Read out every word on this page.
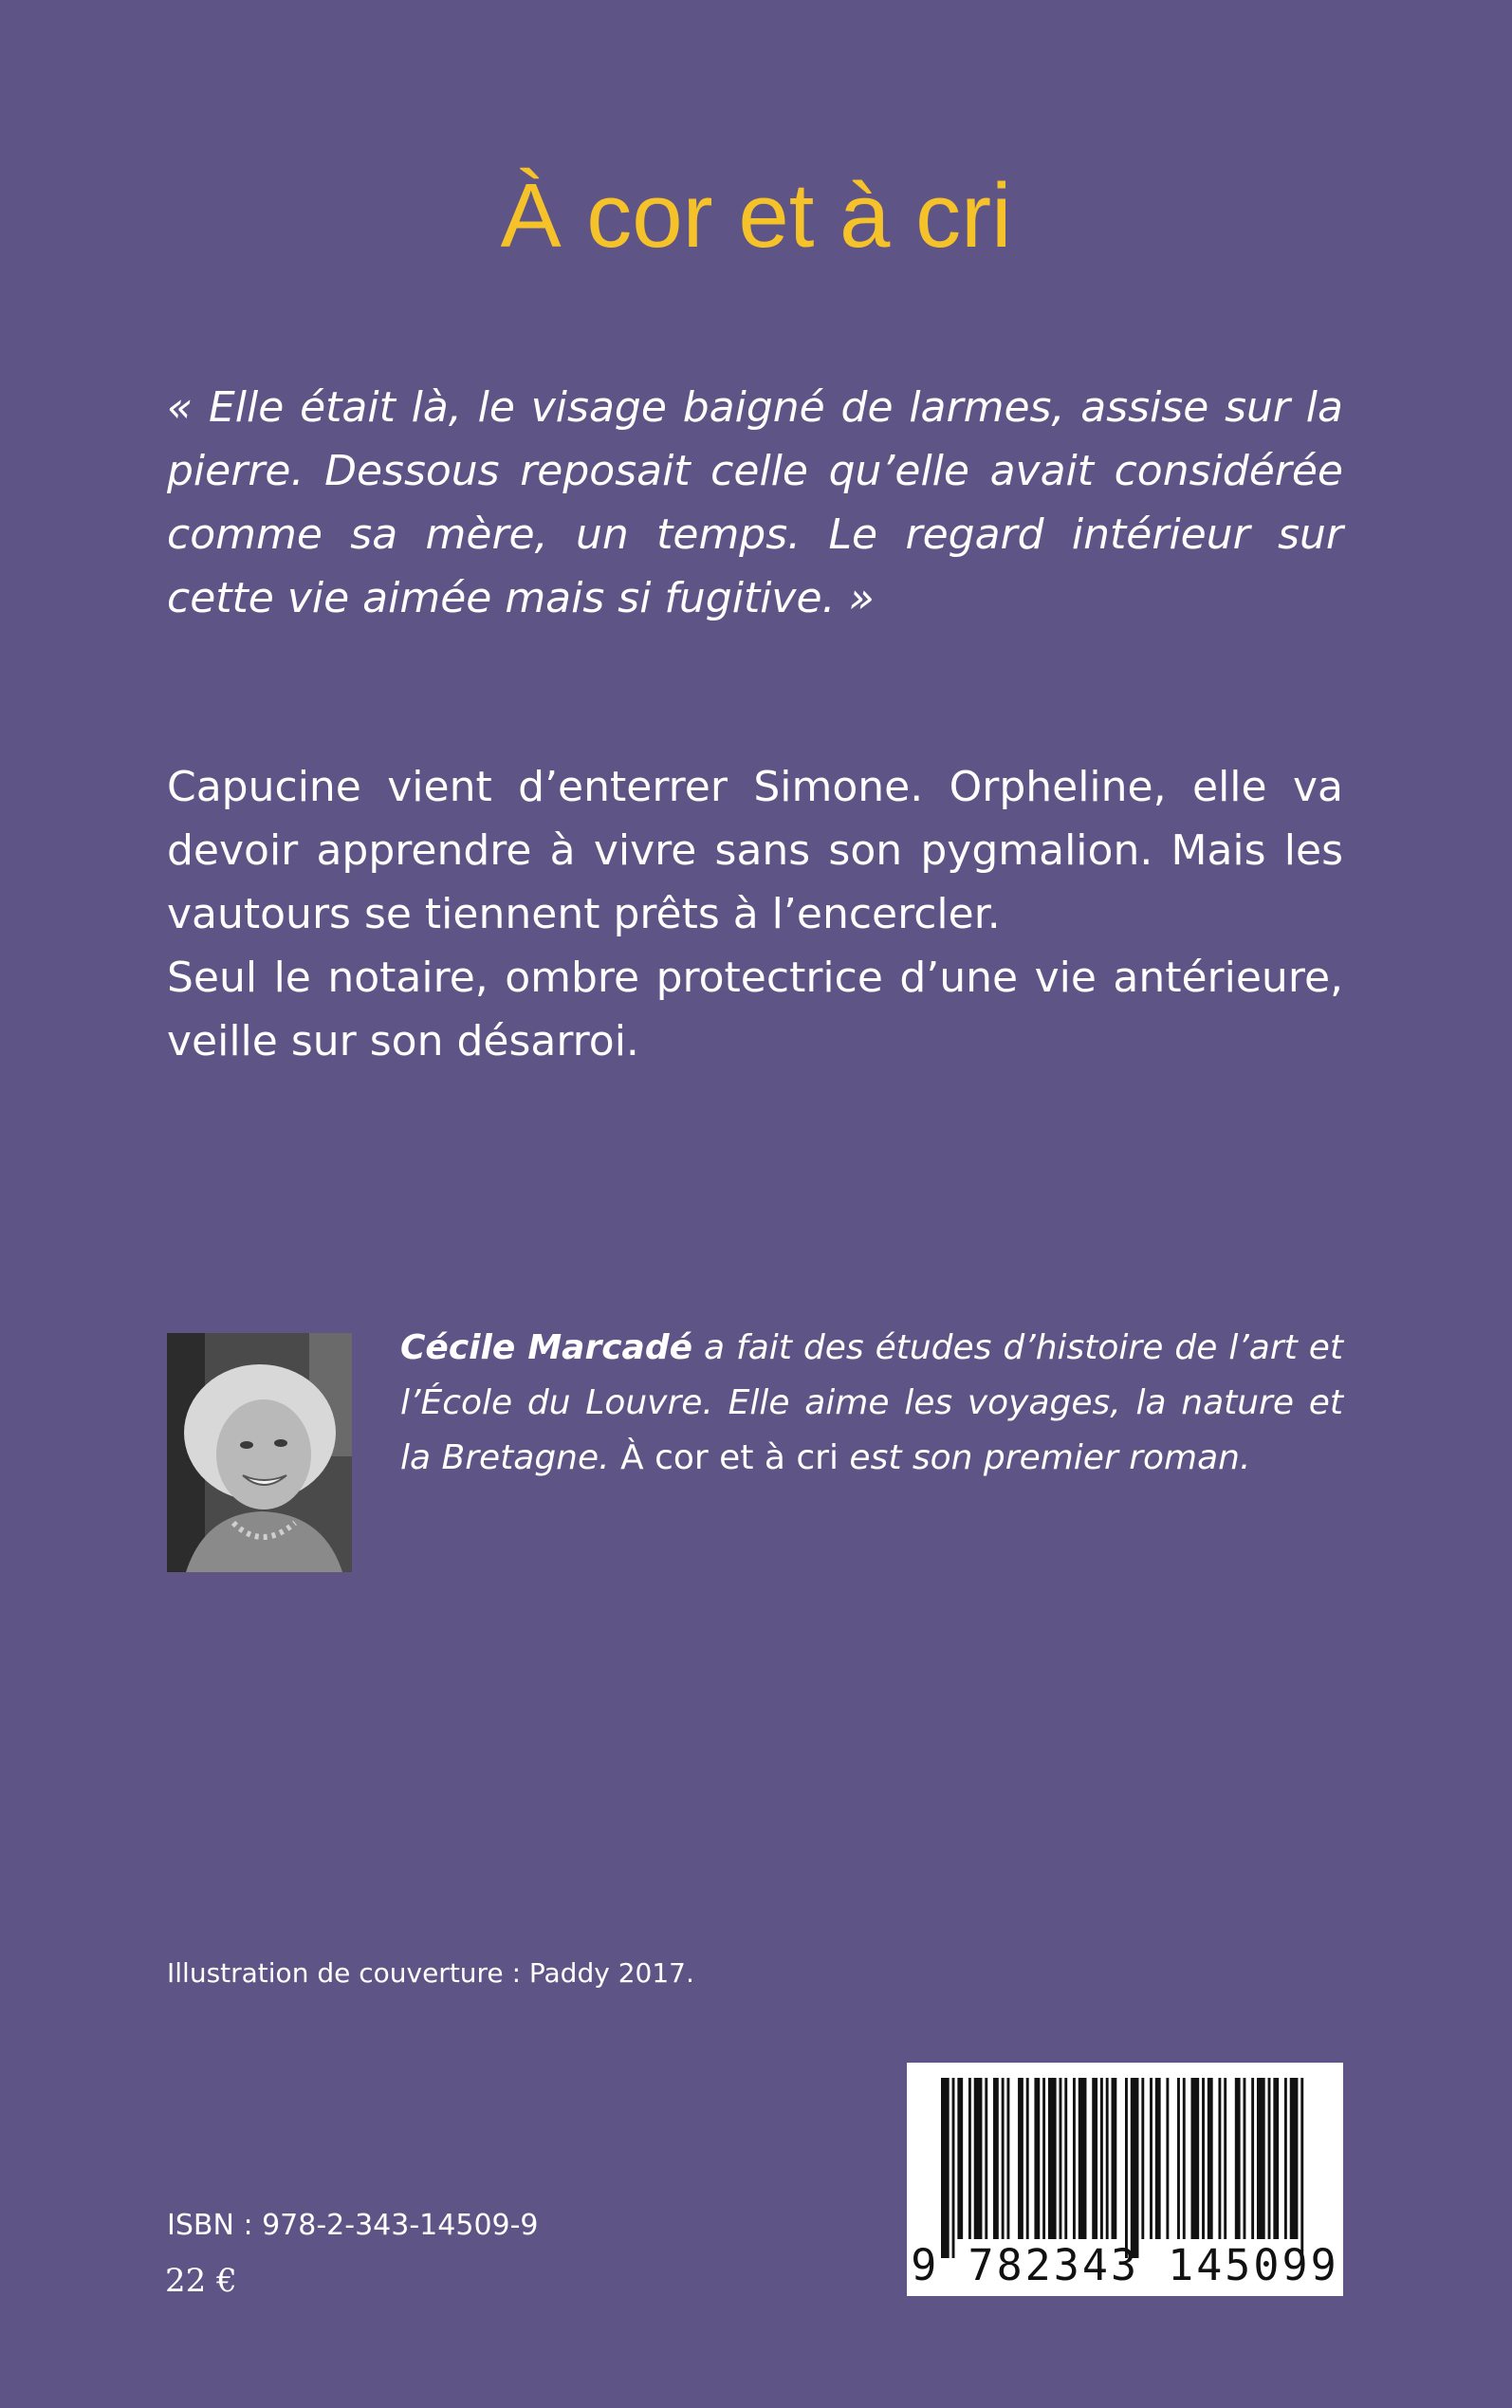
À cor et à cri

« Elle était là, le visage baigné de larmes, assise sur la pierre. Dessous reposait celle qu’elle avait considérée comme sa mère, un temps. Le regard intérieur sur cette vie aimée mais si fugitive. »

Capucine vient d’enterrer Simone. Orpheline, elle va devoir apprendre à vivre sans son pygmalion. Mais les vautours se tiennent prêts à l’encercler.

Seul le notaire, ombre protectrice d’une vie antérieure, veille sur son désarroi.

Cécile Marcadé a fait des études d’histoire de l’art et l’École du Louvre. Elle aime les voyages, la nature et la Bretagne. À cor et à cri est son premier roman.

Illustration de couverture : Paddy 2017.

ISBN : 978-2-343-14509-9

22 €	9 782343 145099
